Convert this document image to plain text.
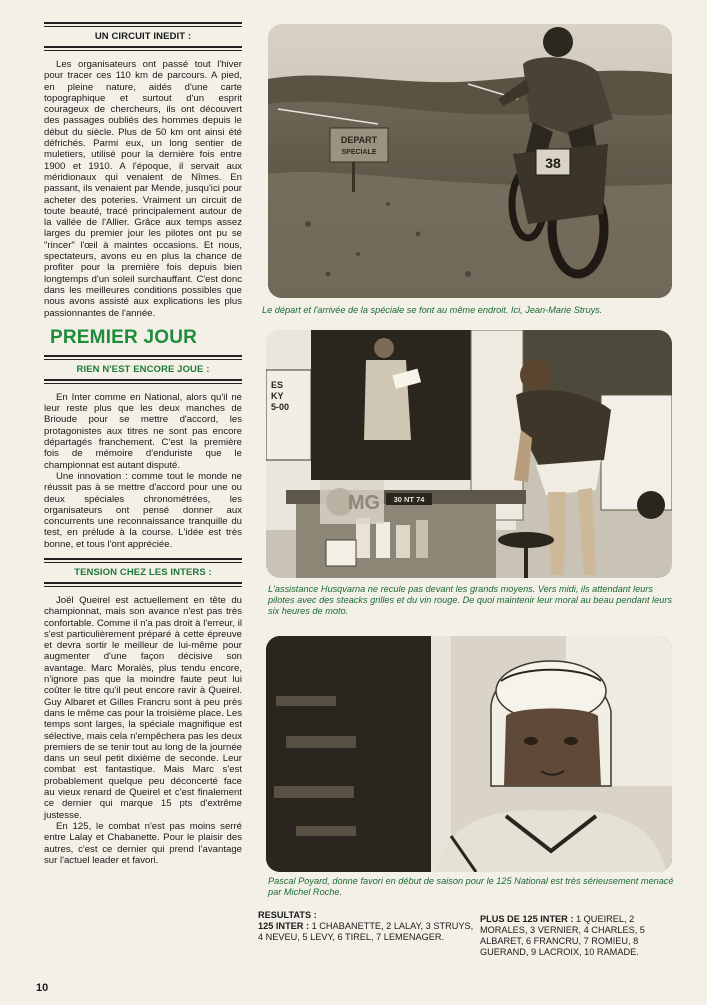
UN CIRCUIT INEDIT :

Les organisateurs ont passé tout l'hiver pour tracer ces 110 km de parcours. A pied, en pleine nature, aidés d'une carte topographique et surtout d'un esprit courageux de chercheurs, ils ont découvert des passages oubliés des hommes depuis le début du siècle. Plus de 50 km ont ainsi été défrichés. Parmi eux, un long sentier de muletiers, utilisé pour la dernière fois entre 1900 et 1910. A l'époque, il servait aux méridionaux qui venaient de Nîmes. En passant, ils venaient par Mende, jusqu'ici pour acheter des poteries. Vraiment un circuit de toute beauté, tracé principalement autour de la vallée de l'Allier. Grâce aux temps assez larges du premier jour les pilotes ont pu se "rincer" l'œil à maintes occasions. Et nous, spectateurs, avons eu en plus la chance de profiter pour la première fois depuis bien longtemps d'un soleil surchauffant. C'est donc dans les meilleures conditions possibles que nous avons assisté aux explications les plus passionnantes de l'année.

PREMIER JOUR
RIEN N'EST ENCORE JOUE :

En Inter comme en National, alors qu'il ne leur reste plus que les deux manches de Brioude pour se mettre d'accord, les protagonistes aux titres ne sont pas encore départagés franchement. C'est la première fois de mémoire d'enduriste que le championnat est autant disputé.

Une innovation : comme tout le monde ne réussit pas à se mettre d'accord pour une ou deux spéciales chronométrées, les organisateurs ont pensé donner aux concurrents une reconnaissance tranquille du test, en prélude à la course. L'idée est très bonne, et tous l'ont appréciée.

TENSION CHEZ LES INTERS :

Joël Queirel est actuellement en tête du championnat, mais son avance n'est pas très confortable. Comme il n'a pas droit à l'erreur, il s'est particulièrement préparé à cette épreuve et devra sortir le meilleur de lui-même pour augmenter d'une façon décisive son avantage. Marc Moralès, plus tendu encore, n'ignore pas que la moindre faute peut lui coûter le titre qu'il peut encore ravir à Queirel. Guy Albaret et Gilles Francru sont à peu près dans le même cas pour la troisième place. Les temps sont larges, la spéciale magnifique est sélective, mais cela n'empêchera pas les deux premiers de se tenir tout au long de la journée dans un seul petit dixième de seconde. Leur combat est fantastique. Mais Marc s'est probablement quelque peu déconcerté face au vieux renard de Queirel et c'est finalement ce dernier qui marque 15 pts d'extrême justesse.

En 125, le combat n'est pas moins serré entre Lalay et Chabanette. Pour le plaisir des autres, c'est ce dernier qui prend l'avantage sur l'actuel leader et favori.

DEPART
SPECIALE
38
Le départ et l'arrivée de la spéciale se font au même endroit. Ici, Jean-Marie Struys.
ES KY 5-00
30 NT 74
MG
L'assistance Husqvarna ne recule pas devant les grands moyens. Vers midi, ils attendant leurs pilotes avec des steacks grilles et du vin rouge. De quoi maintenir leur moral au beau pendant leurs six heures de moto.
Pascal Poyard, donne favori en début de saison pour le 125 National est très sérieusement menacé par Michel Roche.
RESULTATS :
125 INTER : 1 CHABANETTE, 2 LALAY, 3 STRUYS, 4 NEVEU, 5 LEVY, 6 TIREL, 7 LEMENAGER.
PLUS DE 125 INTER : 1 QUEIREL, 2 MORALES, 3 VERNIER, 4 CHARLES, 5 ALBARET, 6 FRANCRU, 7 ROMIEU, 8 GUERAND, 9 LACROIX, 10 RAMADE.
10
